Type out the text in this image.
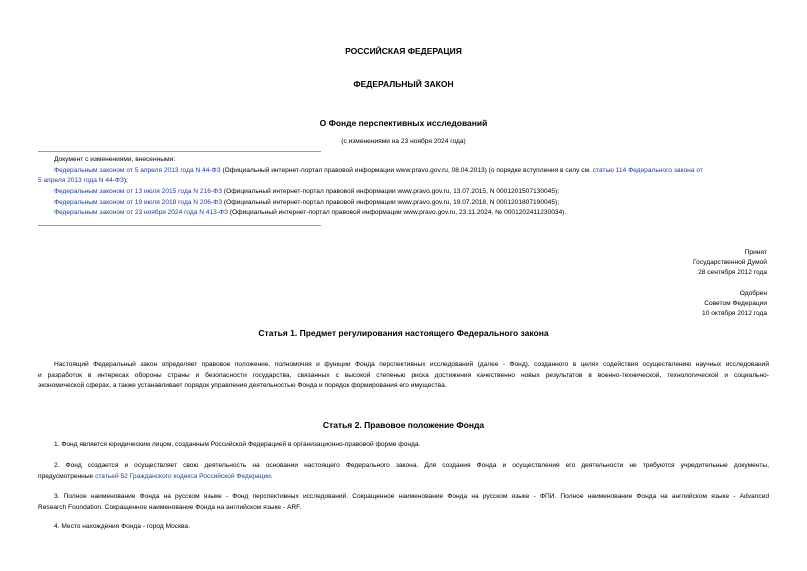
РОССИЙСКАЯ ФЕДЕРАЦИЯ
ФЕДЕРАЛЬНЫЙ ЗАКОН
О Фонде перспективных исследований
(с изменениями на 23 ноября 2024 года)
Документ с изменениями, внесенными:
Федеральным законом от 5 апреля 2013 года N 44-ФЗ (Официальный интернет-портал правовой информации www.pravo.gov.ru, 08.04.2013) (о порядке вступления в силу см. статью 114 Федерального закона от
5 апреля 2013 года N 44-ФЗ);
Федеральным законом от 13 июля 2015 года N 216-ФЗ (Официальный интернет-портал правовой информации www.pravo.gov.ru, 13.07.2015, N 0001201507130045);
Федеральным законом от 19 июля 2018 года N 206-ФЗ (Официальный интернет-портал правовой информации www.pravo.gov.ru, 19.07.2018, N 0001201807190045);
Федеральным законом от 23 ноября 2024 года N 413-ФЗ (Официальный интернет-портал правовой информации www.pravo.gov.ru, 23.11.2024, № 0001202411230034).
Принят
Государственной Думой
28 сентября 2012 года
Одобрен
Советом Федерации
10 октября 2012 года
Статья 1. Предмет регулирования настоящего Федерального закона
Настоящий Федеральный закон определяет правовое положение, полномочия и функции Фонда перспективных исследований (далее - Фонд), созданного в целях содействия осуществлению научных исследований
и разработок в интересах обороны страны и безопасности государства, связанных с высокой степенью риска достижения качественно новых результатов в военно-технической, технологической и социально-
экономической сферах, а также устанавливает порядок управления деятельностью Фонда и порядок формирования его имущества.
Статья 2. Правовое положение Фонда
1. Фонд является юридическим лицом, созданным Российской Федерацией в организационно-правовой форме фонда.
2. Фонд создается и осуществляет свою деятельность на основании настоящего Федерального закона. Для создания Фонда и осуществления его деятельности не требуются учредительные документы,
предусмотренные статьей 52 Гражданского кодекса Российской Федерации.
3. Полное наименование Фонда на русском языке - Фонд перспективных исследований. Сокращенное наименование Фонда на русском языке - ФПИ. Полное наименование Фонда на английском языке - Advanced
Research Foundation. Сокращенное наименование Фонда на английском языке - ARF.
4. Место нахождения Фонда - город Москва.
